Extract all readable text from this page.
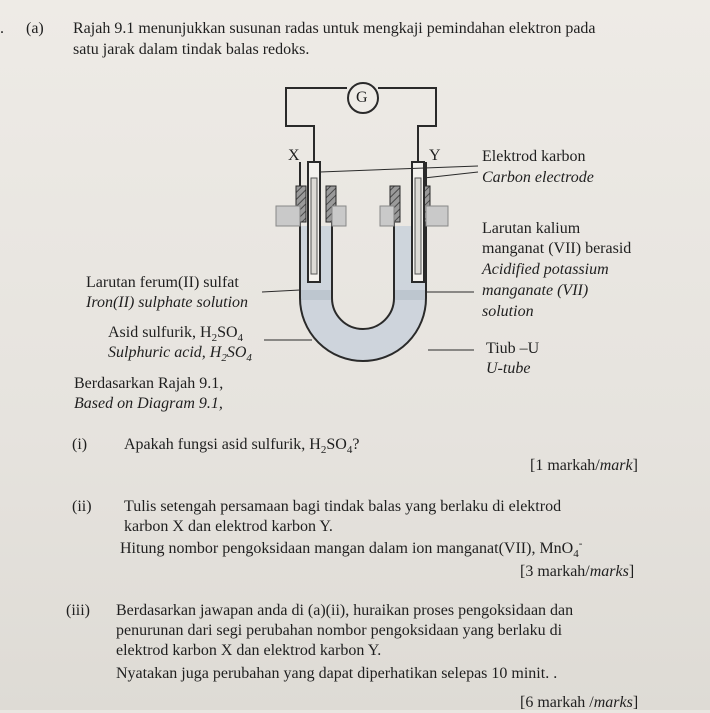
. (a) Rajah 9.1 menunjukkan susunan radas untuk mengkaji pemindahan elektron pada
satu jarak dalam tindak balas redoks.
G
X	Y	Elektrod karbon
Carbon electrode
Larutan kalium
manganat (VII) berasid
Acidified potassium
manganate (VII)
solution
Larutan ferum(II) sulfat
Iron(II) sulphate solution
Asid sulfurik, $H_2SO_4$
Sulphuric acid, $H_2SO_4$
Tiub –U
U-tube
Berdasarkan Rajah 9.1,
Based on Diagram 9.1,
(i) Apakah fungsi asid sulfurik, $H_2SO_4$?
[1 markah/mark]
(ii) Tulis setengah persamaan bagi tindak balas yang berlaku di elektrod
karbon X dan elektrod karbon Y.
Hitung nombor pengoksidaan mangan dalam ion manganat(VII), MnO$_4$-
[3 markah/marks]
(iii) Berdasarkan jawapan anda di (a)(ii), huraikan proses pengoksidaan dan
penurunan dari segi perubahan nombor pengoksidaan yang berlaku di
elektrod karbon X dan elektrod karbon Y.
Nyatakan juga perubahan yang dapat diperhatikan selepas 10 minit. .
[6 markah /marks]
